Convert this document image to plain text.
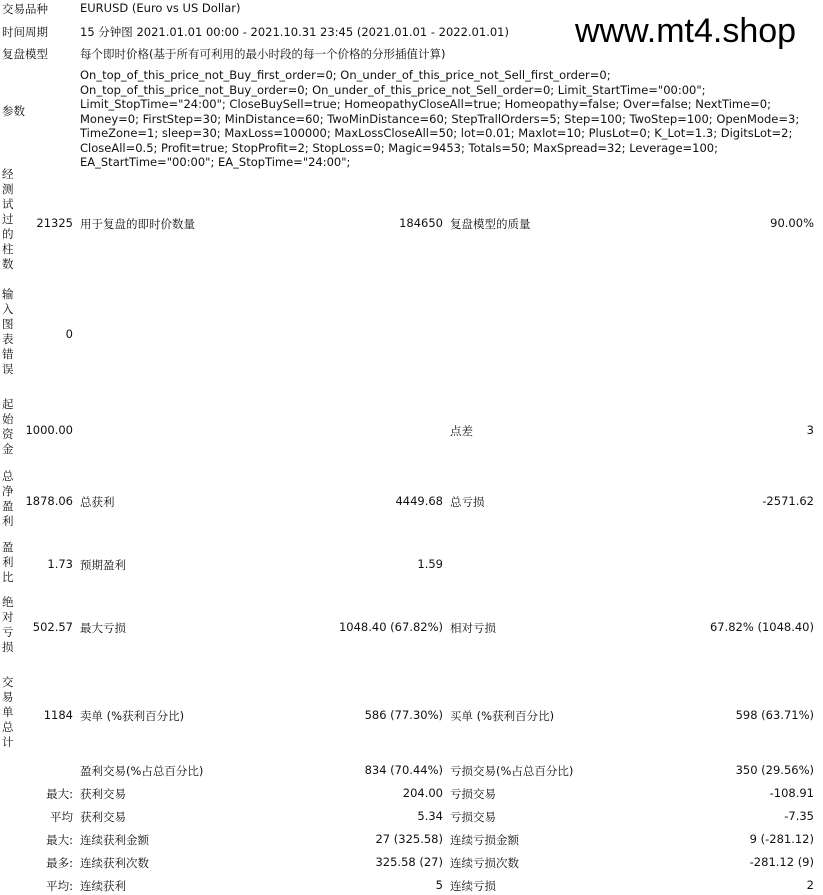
www.mt4.shop
交易品种	EURUSD (Euro vs US Dollar)
时间周期	15 分钟图 2021.01.01 00:00 - 2021.10.31 23:45 (2021.01.01 - 2022.01.01)
复盘模型	每个即时价格(基于所有可利用的最小时段的每一个价格的分形插值计算)
参数
On_top_of_this_price_not_Buy_first_order=0; On_under_of_this_price_not_Sell_first_order=0; On_top_of_this_price_not_Buy_order=0; On_under_of_this_price_not_Sell_order=0; Limit_StartTime="00:00"; Limit_StopTime="24:00"; CloseBuySell=true; HomeopathyCloseAll=true; Homeopathy=false; Over=false; NextTime=0; Money=0; FirstStep=30; MinDistance=60; TwoMinDistance=60; StepTrallOrders=5; Step=100; TwoStep=100; OpenMode=3; TimeZone=1; sleep=30; MaxLoss=100000; MaxLossCloseAll=50; lot=0.01; Maxlot=10; PlusLot=0; K_Lot=1.3; DigitsLot=2; CloseAll=0.5; Profit=true; StopProfit=2; StopLoss=0; Magic=9453; Totals=50; MaxSpread=32; Leverage=100; EA_StartTime="00:00"; EA_StopTime="24:00";
经测试过的柱数
21325 用于复盘的即时价数量	184650 复盘模型的质量	90.00%
输入图表错误
0
起始资金
1000.00	点差	3
总净盈利
1878.06 总获利	4449.68 总亏损	-2571.62
盈利比
1.73 预期盈利	1.59
绝对亏损
502.57 最大亏损	1048.40 (67.82%) 相对亏损	67.82% (1048.40)
交易单总计
1184 卖单 (%获利百分比)	586 (77.30%) 买单 (%获利百分比)	598 (63.71%)
盈利交易(%占总百分比)	834 (70.44%) 亏损交易(%占总百分比)	350 (29.56%)
最大: 获利交易	204.00 亏损交易	-108.91
平均 获利交易	5.34 亏损交易	-7.35
最大: 连续获利金额	27 (325.58) 连续亏损金额	9 (-281.12)
最多: 连续获利次数	325.58 (27) 连续亏损次数	-281.12 (9)
平均: 连续获利	5 连续亏损	2
